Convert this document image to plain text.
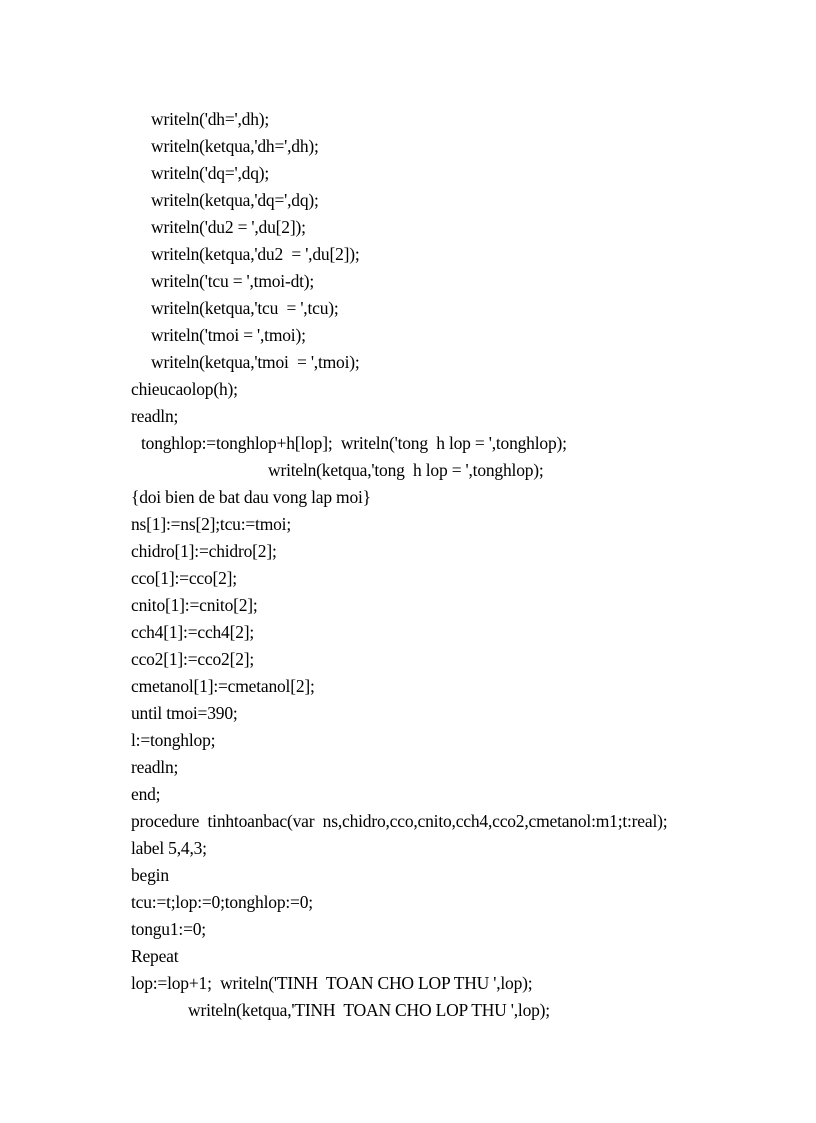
writeln('dh=',dh);
writeln(ketqua,'dh=',dh);
writeln('dq=',dq);
writeln(ketqua,'dq=',dq);
writeln('du2 = ',du[2]);
writeln(ketqua,'du2  = ',du[2]);
writeln('tcu = ',tmoi-dt);
writeln(ketqua,'tcu  = ',tcu);
writeln('tmoi = ',tmoi);
writeln(ketqua,'tmoi  = ',tmoi);
chieucaolop(h);
readln;
tonghlop:=tonghlop+h[lop];  writeln('tong  h lop = ',tonghlop);
writeln(ketqua,'tong  h lop = ',tonghlop);
{doi bien de bat dau vong lap moi}
ns[1]:=ns[2];tcu:=tmoi;
chidro[1]:=chidro[2];
cco[1]:=cco[2];
cnito[1]:=cnito[2];
cch4[1]:=cch4[2];
cco2[1]:=cco2[2];
cmetanol[1]:=cmetanol[2];
until tmoi=390;
l:=tonghlop;
readln;
end;
procedure  tinhtoanbac(var  ns,chidro,cco,cnito,cch4,cco2,cmetanol:m1;t:real);
label 5,4,3;
begin
tcu:=t;lop:=0;tonghlop:=0;
tongu1:=0;
Repeat
lop:=lop+1;  writeln('TINH  TOAN CHO LOP THU ',lop);
writeln(ketqua,'TINH  TOAN CHO LOP THU ',lop);
